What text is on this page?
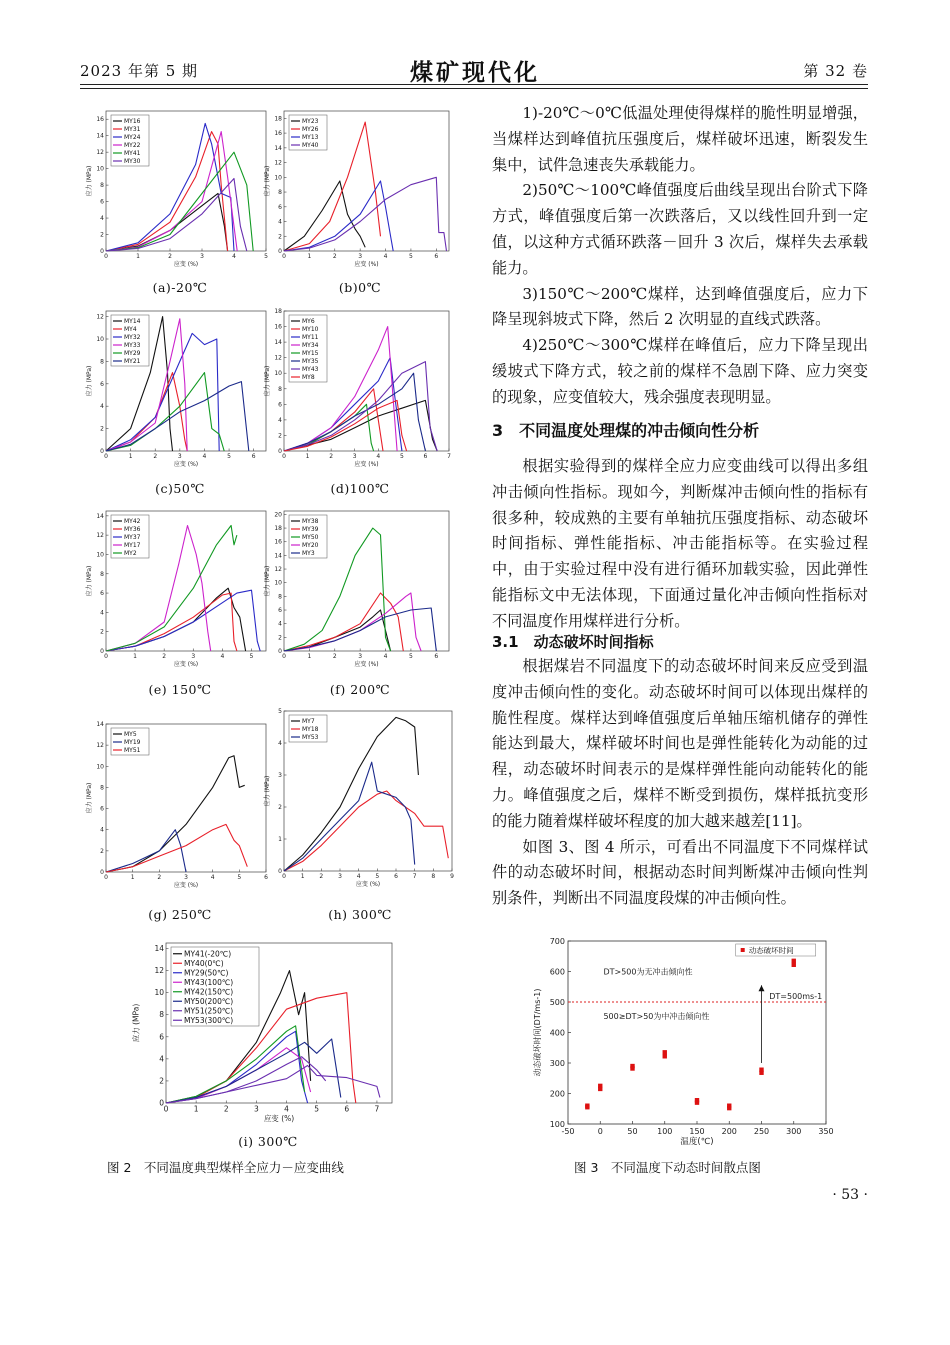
2023 年第 5 期	煤矿现代化	第 32 卷

1)-20℃～0℃低温处理使得煤样的脆性明显增强，当煤样达到峰值抗压强度后，煤样破坏迅速，断裂发生集中，试件急速丧失承载能力。

2)50℃～100℃峰值强度后曲线呈现出台阶式下降方式，峰值强度后第一次跌落后，又以线性回升到一定值，以这种方式循环跌落－回升 3 次后，煤样失去承载能力。

3)150℃～200℃煤样，达到峰值强度后，应力下降呈现斜坡式下降，然后 2 次明显的直线式跌落。

4)250℃～300℃煤样在峰值后，应力下降呈现出缓坡式下降方式，较之前的煤样不急剧下降、应力突变的现象，应变值较大，残余强度表现明显。

3　不同温度处理煤的冲击倾向性分析

根据实验得到的煤样全应力应变曲线可以得出多组冲击倾向性指标。现如今，判断煤冲击倾向性的指标有很多种，较成熟的主要有单轴抗压强度指标、动态破坏时间指标、弹性能指标、冲击能指标等。在实验过程中，由于实验过程中没有进行循环加载实验，因此弹性能指标文中无法体现，下面通过量化冲击倾向性指标对不同温度作用煤样进行分析。

3.1　动态破坏时间指标

根据煤岩不同温度下的动态破坏时间来反应受到温度冲击倾向性的变化。动态破坏时间可以体现出煤样的脆性程度。煤样达到峰值强度后单轴压缩机储存的弹性能达到最大，煤样破坏时间也是弹性能转化为动能的过程，动态破坏时间表示的是煤样弹性能向动能转化的能力。峰值强度之后，煤样不断受到损伤，煤样抵抗变形的能力随着煤样破坏程度的加大越来越差[11]。

如图 3、图 4 所示，可看出不同温度下不同煤样试件的动态破坏时间，根据动态时间判断煤冲击倾向性判别条件，判断出不同温度段煤的冲击倾向性。

0	1	2	3	4	5
0
2
4
6
8
10
12
14
16
应变 (%)
应力 (MPa)
MY16
MY31
MY24
MY22
MY41
MY30
0	1	2	3	4	5	6
0
2
4
6
8
10
12
14
16
18
应变 (%)
应力 (MPa)
MY23
MY26
MY13
MY40
0	1	2	3	4	5	6
0
2
4
6
8
10
12
应变 (%)
应力 (MPa)
MY14
MY4
MY32
MY33
MY29
MY21
0	1	2	3	4	5	6	7
0
2
4
6
8
10
12
14
16
18
应变 (%)
应力 (MPa)
MY6
MY10
MY11
MY34
MY15
MY35
MY43
MY8
0	1	2	3	4	5
0
2
4
6
8
10
12
14
应变 (%)
应力 (MPa)
MY42
MY36
MY37
MY17
MY2
0	1	2	3	4	5	6
0
2
4
6
8
10
12
14
16
18
20
应变 (%)
应力 (MPa)
MY38
MY39
MY50
MY20
MY3
0	1	2	3	4	5	6
0
2
4
6
8
10
12
14
应变 (%)
应力 (MPa)
MY5
MY19
MY51
0 1 2 3 4 5 6 7 8 9
0
1
2
3
4
5
应变 (%)
应力 (MPa)
MY7
MY18
MY53
0	1	2	3	4	5	6	7
0
2
4
6
8
10
12
14
应变 (%)
应力 (MPa)
MY41(-20℃)
MY40(0℃)
MY29(50℃)
MY43(100℃)
MY42(150℃)
MY50(200℃)
MY51(250℃)
MY53(300℃)
(a)-20℃	(b)0℃
(c)50℃	(d)100℃
(e) 150℃	(f) 200℃
(g) 250℃	(h) 300℃
(i) 300℃
图 2　不同温度典型煤样全应力－应变曲线
-50	0	50 100 150 200 250 300 350
100
200
300
400
500
600
700
温度(℃)
动态破坏时间(DT/ms-1)
DT>500为无冲击倾向性
500≥DT>50为中冲击倾向性
DT=500ms-1
动态破坏时间
图 3　不同温度下动态时间散点图
· 53 ·
